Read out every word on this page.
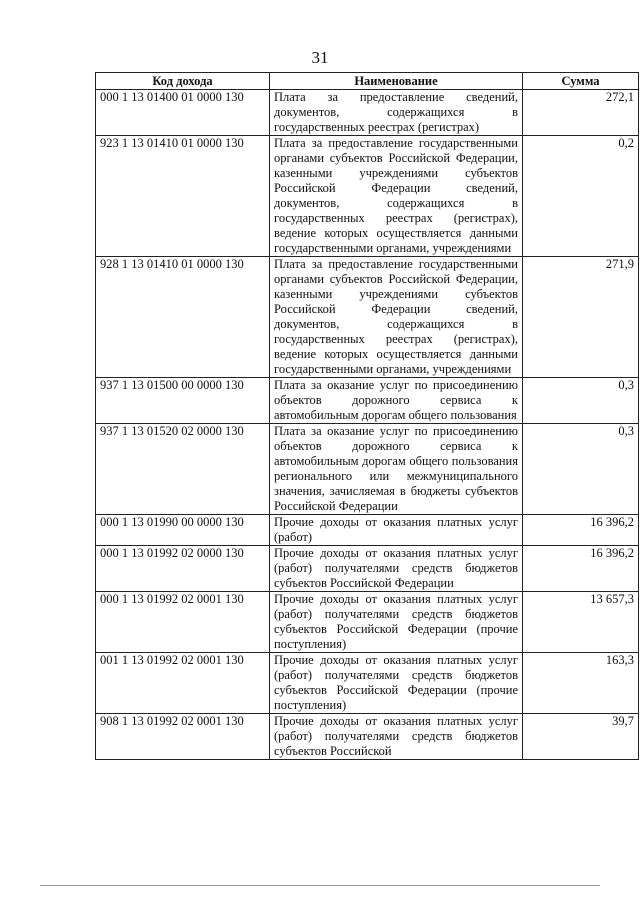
31
Код дохода	Наименование	Сумма
000 1 13 01400 01 0000 130	Плата за предоставление сведений, документов, содержащихся в государственных реестрах (регистрах)	272,1
923 1 13 01410 01 0000 130	Плата за предоставление государственными органами субъектов Российской Федерации, казенными учреждениями субъектов Российской Федерации сведений, документов, содержащихся в государственных реестрах (регистрах), ведение которых осуществляется данными государственными органами, учреждениями	0,2
928 1 13 01410 01 0000 130	Плата за предоставление государственными органами субъектов Российской Федерации, казенными учреждениями субъектов Российской Федерации сведений, документов, содержащихся в государственных реестрах (регистрах), ведение которых осуществляется данными государственными органами, учреждениями	271,9
937 1 13 01500 00 0000 130	Плата за оказание услуг по присоединению объектов дорожного сервиса к автомобильным дорогам общего пользования	0,3
937 1 13 01520 02 0000 130	Плата за оказание услуг по присоединению объектов дорожного сервиса к автомобильным дорогам общего пользования регионального или межмуниципального значения, зачисляемая в бюджеты субъектов Российской Федерации	0,3
000 1 13 01990 00 0000 130	Прочие доходы от оказания платных услуг (работ)	16 396,2
000 1 13 01992 02 0000 130	Прочие доходы от оказания платных услуг (работ) получателями средств бюджетов субъектов Российской Федерации	16 396,2
000 1 13 01992 02 0001 130	Прочие доходы от оказания платных услуг (работ) получателями средств бюджетов субъектов Российской Федерации (прочие поступления)	13 657,3
001 1 13 01992 02 0001 130	Прочие доходы от оказания платных услуг (работ) получателями средств бюджетов субъектов Российской Федерации (прочие поступления)	163,3
908 1 13 01992 02 0001 130	Прочие доходы от оказания платных услуг (работ) получателями средств бюджетов субъектов Российской	39,7
